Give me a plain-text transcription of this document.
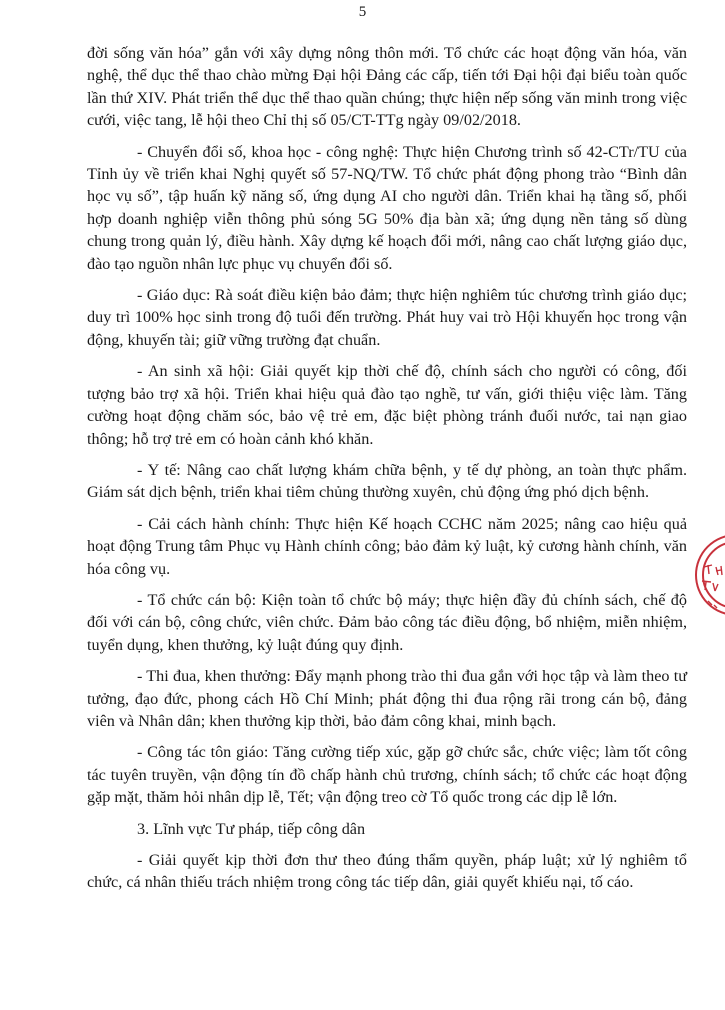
5

đời sống văn hóa” gắn với xây dựng nông thôn mới. Tổ chức các hoạt động văn hóa, văn nghệ, thể dục thể thao chào mừng Đại hội Đảng các cấp, tiến tới Đại hội đại biểu toàn quốc lần thứ XIV. Phát triển thể dục thể thao quần chúng; thực hiện nếp sống văn minh trong việc cưới, việc tang, lễ hội theo Chỉ thị số 05/CT-TTg ngày 09/02/2018.

- Chuyển đổi số, khoa học - công nghệ: Thực hiện Chương trình số 42-CTr/TU của Tỉnh ủy về triển khai Nghị quyết số 57-NQ/TW. Tổ chức phát động phong trào “Bình dân học vụ số”, tập huấn kỹ năng số, ứng dụng AI cho người dân. Triển khai hạ tầng số, phối hợp doanh nghiệp viễn thông phủ sóng 5G 50% địa bàn xã; ứng dụng nền tảng số dùng chung trong quản lý, điều hành. Xây dựng kế hoạch đổi mới, nâng cao chất lượng giáo dục, đào tạo nguồn nhân lực phục vụ chuyển đổi số.

- Giáo dục: Rà soát điều kiện bảo đảm; thực hiện nghiêm túc chương trình giáo dục; duy trì 100% học sinh trong độ tuổi đến trường. Phát huy vai trò Hội khuyến học trong vận động, khuyến tài; giữ vững trường đạt chuẩn.

- An sinh xã hội: Giải quyết kịp thời chế độ, chính sách cho người có công, đối tượng bảo trợ xã hội. Triển khai hiệu quả đào tạo nghề, tư vấn, giới thiệu việc làm. Tăng cường hoạt động chăm sóc, bảo vệ trẻ em, đặc biệt phòng tránh đuối nước, tai nạn giao thông; hỗ trợ trẻ em có hoàn cảnh khó khăn.

- Y tế: Nâng cao chất lượng khám chữa bệnh, y tế dự phòng, an toàn thực phẩm. Giám sát dịch bệnh, triển khai tiêm chủng thường xuyên, chủ động ứng phó dịch bệnh.

- Cải cách hành chính: Thực hiện Kế hoạch CCHC năm 2025; nâng cao hiệu quả hoạt động Trung tâm Phục vụ Hành chính công; bảo đảm kỷ luật, kỷ cương hành chính, văn hóa công vụ.

- Tổ chức cán bộ: Kiện toàn tổ chức bộ máy; thực hiện đầy đủ chính sách, chế độ đối với cán bộ, công chức, viên chức. Đảm bảo công tác điều động, bổ nhiệm, miễn nhiệm, tuyển dụng, khen thưởng, kỷ luật đúng quy định.

- Thi đua, khen thưởng: Đẩy mạnh phong trào thi đua gắn với học tập và làm theo tư tưởng, đạo đức, phong cách Hồ Chí Minh; phát động thi đua rộng rãi trong cán bộ, đảng viên và Nhân dân; khen thưởng kịp thời, bảo đảm công khai, minh bạch.

- Công tác tôn giáo: Tăng cường tiếp xúc, gặp gỡ chức sắc, chức việc; làm tốt công tác tuyên truyền, vận động tín đồ chấp hành chủ trương, chính sách; tổ chức các hoạt động gặp mặt, thăm hỏi nhân dịp lễ, Tết; vận động treo cờ Tổ quốc trong các dịp lễ lớn.

3. Lĩnh vực Tư pháp, tiếp công dân

- Giải quyết kịp thời đơn thư theo đúng thẩm quyền, pháp luật; xử lý nghiêm tổ chức, cá nhân thiếu trách nhiệm trong công tác tiếp dân, giải quyết khiếu nại, tố cáo.
